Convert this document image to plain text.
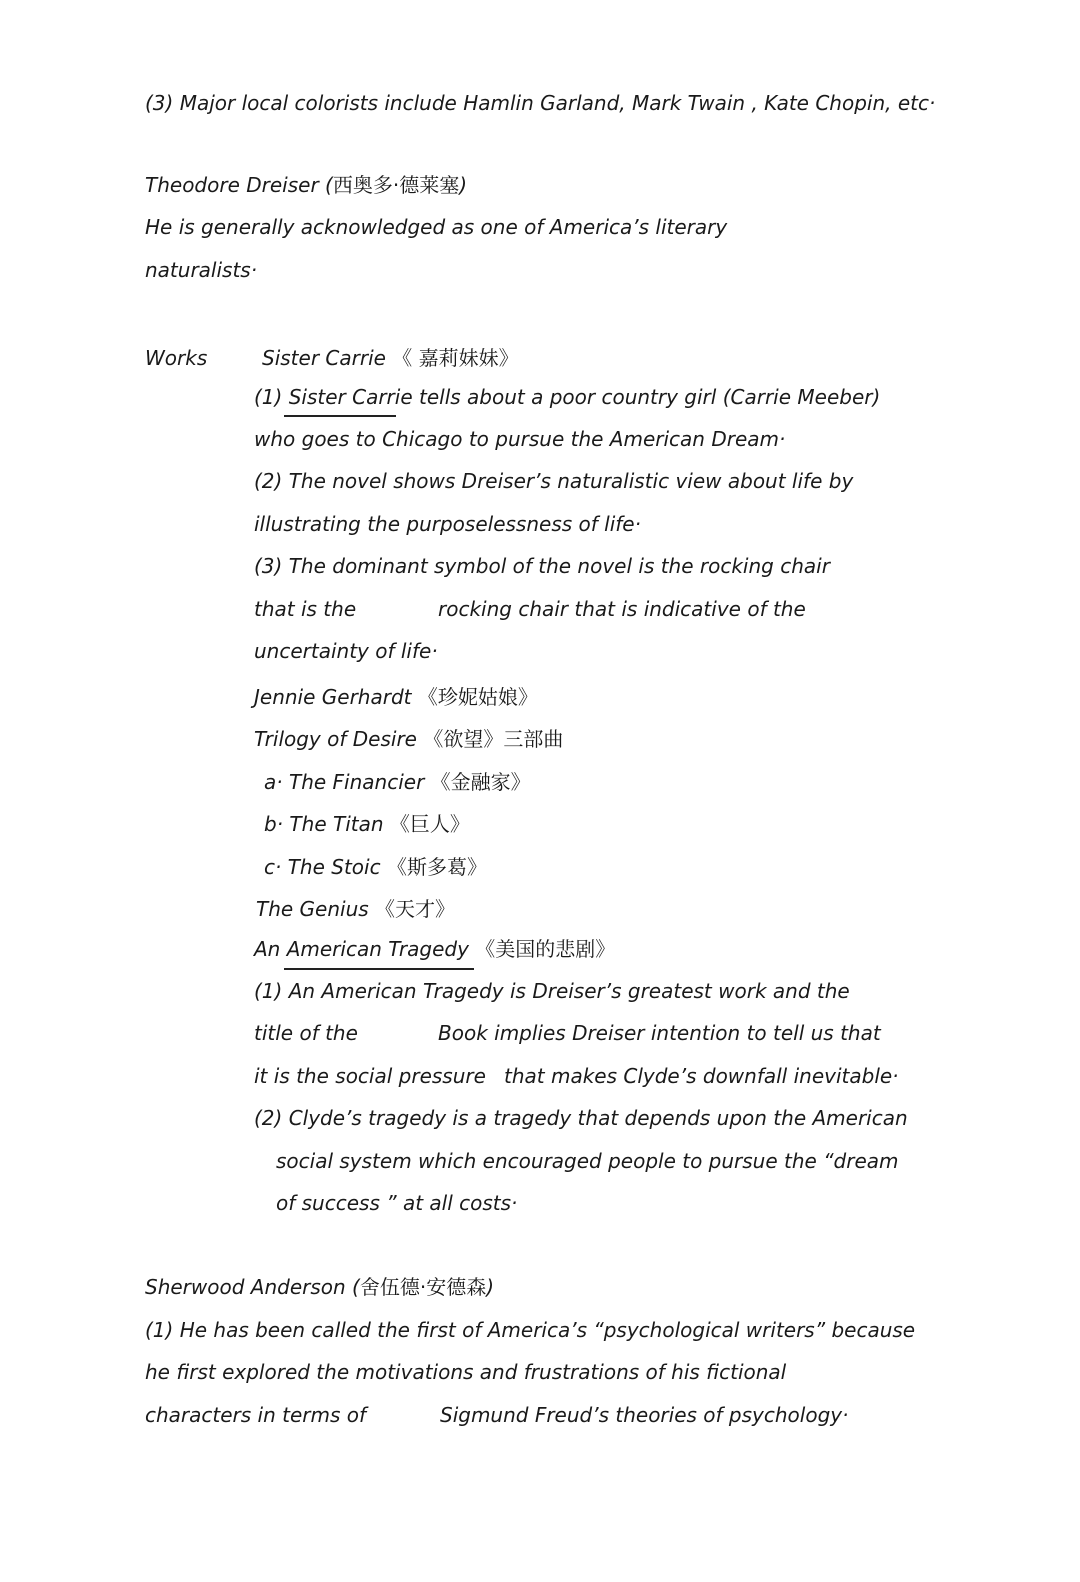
(3) Major local colorists include Hamlin Garland, Mark Twain , Kate Chopin, etc·
Theodore Dreiser (西奥多·德莱塞)
He is generally acknowledged as one of America’s literary
naturalists·
Works	Sister Carrie 《 嘉莉妹妹》
(1) Sister Carrie tells about a poor country girl (Carrie Meeber)
who goes to Chicago to pursue the American Dream·
(2) The novel shows Dreiser’s naturalistic view about life by
illustrating the purposelessness of life·
(3) The dominant symbol of the novel is the rocking chair
that is the	rocking chair that is indicative of the
uncertainty of life·
Jennie Gerhardt 《珍妮姑娘》
Trilogy of Desire 《欲望》三部曲
a· The Financier 《金融家》
b· The Titan 《巨人》
c· The Stoic 《斯多葛》
The Genius 《天才》
An American Tragedy 《美国的悲剧》
(1) An American Tragedy is Dreiser’s greatest work and the
title of the	Book implies Dreiser intention to tell us that
it is the social pressure that makes Clyde’s downfall inevitable·
(2) Clyde’s tragedy is a tragedy that depends upon the American
social system which encouraged people to pursue the “dream
of success ” at all costs·
Sherwood Anderson (舍伍德·安德森)
(1) He has been called the first of America’s “psychological writers” because
he first explored the motivations and frustrations of his fictional
characters in terms of	Sigmund Freud’s theories of psychology·
